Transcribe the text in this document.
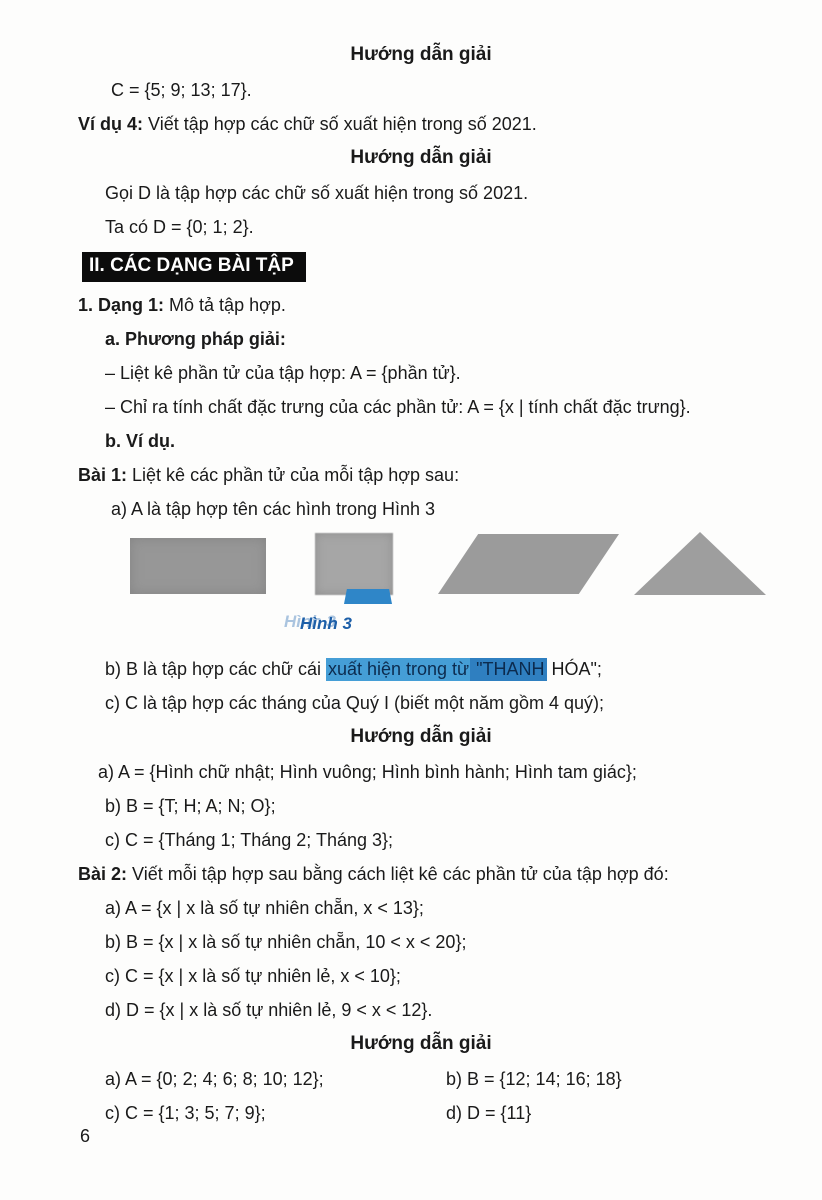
Hướng dẫn giải

C = {5; 9; 13; 17}.

Ví dụ 4: Viết tập hợp các chữ số xuất hiện trong số 2021.

Hướng dẫn giải

Gọi D là tập hợp các chữ số xuất hiện trong số 2021.

Ta có D = {0; 1; 2}.

II. CÁC DẠNG BÀI TẬP

1. Dạng 1: Mô tả tập hợp.

a. Phương pháp giải:

– Liệt kê phần tử của tập hợp: A = {phần tử}.

– Chỉ ra tính chất đặc trưng của các phần tử: A = {x | tính chất đặc trưng}.

b. Ví dụ.

Bài 1: Liệt kê các phần tử của mỗi tập hợp sau:

a) A là tập hợp tên các hình trong Hình 3

Hình 3

b) B là tập hợp các chữ cái xuất hiện trong từ "THANH HÓA";

c) C là tập hợp các tháng của Quý I (biết một năm gồm 4 quý);

Hướng dẫn giải

a) A = {Hình chữ nhật; Hình vuông; Hình bình hành; Hình tam giác};

b) B = {T; H; A; N; O};

c) C = {Tháng 1; Tháng 2; Tháng 3};

Bài 2: Viết mỗi tập hợp sau bằng cách liệt kê các phần tử của tập hợp đó:

a) A = {x | x là số tự nhiên chẵn, x < 13};

b) B = {x | x là số tự nhiên chẵn, 10 < x < 20};

c) C = {x | x là số tự nhiên lẻ, x < 10};

d) D = {x | x là số tự nhiên lẻ, 9 < x < 12}.

Hướng dẫn giải
a) A = {0; 2; 4; 6; 8; 10; 12};	b) B = {12; 14; 16; 18}
c) C = {1; 3; 5; 7; 9};	d) D = {11}
6
